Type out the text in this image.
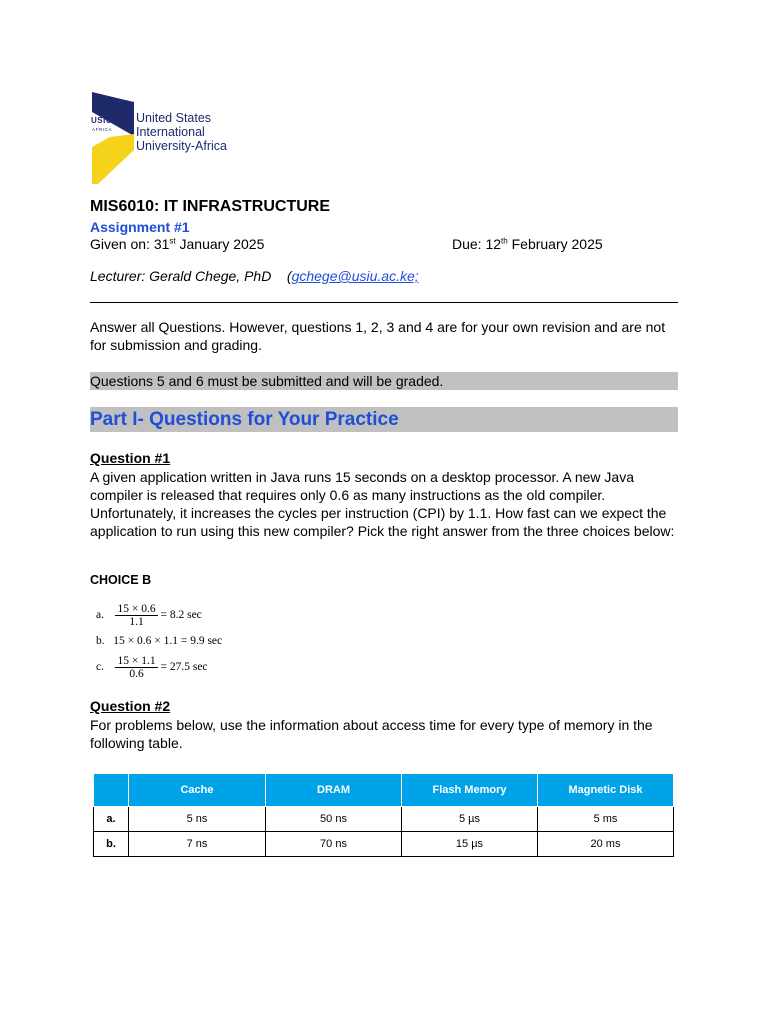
USIU
AFRICA
United States
International
University-Africa
MIS6010: IT INFRASTRUCTURE
Assignment #1
Given on: 31st January 2025	Due: 12th February 2025
Lecturer: Gerald Chege, PhD (gchege@usiu.ac.ke;
Answer all Questions. However, questions 1, 2, 3 and 4 are for your own revision and are not for submission and grading.
Questions 5 and 6 must be submitted and will be graded.
Part I- Questions for Your Practice
Question #1
A given application written in Java runs 15 seconds on a desktop processor. A new Java compiler is released that requires only 0.6 as many instructions as the old compiler. Unfortunately, it increases the cycles per instruction (CPI) by 1.1. How fast can we expect the application to run using this new compiler? Pick the right answer from the three choices below:
CHOICE B
a. $\frac{15 \times 0.6}{1.1} = 8.2$ sec
b. 15 × 0.6 × 1.1 = 9.9 sec
c. $\frac{15 \times 1.1}{0.6} = 27.5$ sec
Question #2
For problems below, use the information about access time for every type of memory in the following table.
	Cache	DRAM	Flash Memory	Magnetic Disk
a.	5 ns	50 ns	5 µs	5 ms
b.	7 ns	70 ns	15 µs	20 ms
